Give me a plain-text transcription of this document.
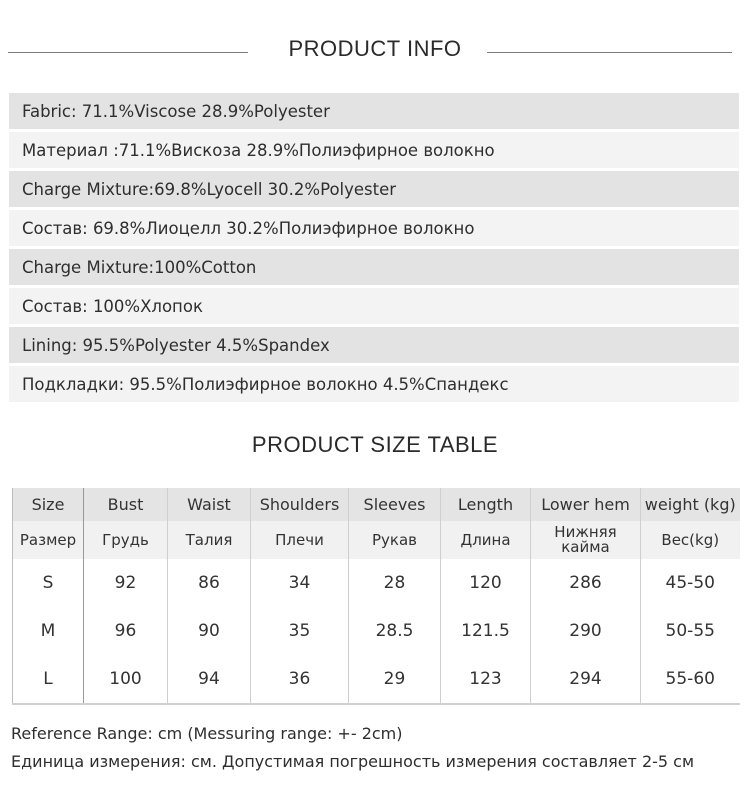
PRODUCT INFO
Fabric: 71.1%Viscose 28.9%Polyester
Материал :71.1%Вискоза 28.9%Полиэфирное волокно
Charge Mixture:69.8%Lyocell 30.2%Polyester
Состав: 69.8%Лиоцелл 30.2%Полиэфирное волокно
Charge Mixture:100%Cotton
Состав: 100%Хлопок
Lining: 95.5%Polyester 4.5%Spandex
Подкладки: 95.5%Полиэфирное волокно 4.5%Спандекс
PRODUCT SIZE TABLE
Size	Bust	Waist	Shoulders	Sleeves	Length	Lower hem	weight (kg)
Размер	Грудь	Талия	Плечи	Рукав	Длина	Нижняя кайма	Вес(kg)
S	92	86	34	28	120	286	45-50
M	96	90	35	28.5	121.5	290	50-55
L	100	94	36	29	123	294	55-60
Reference Range: cm (Messuring range: +- 2cm)
Единица измерения: см. Допустимая погрешность измерения составляет 2-5 см
